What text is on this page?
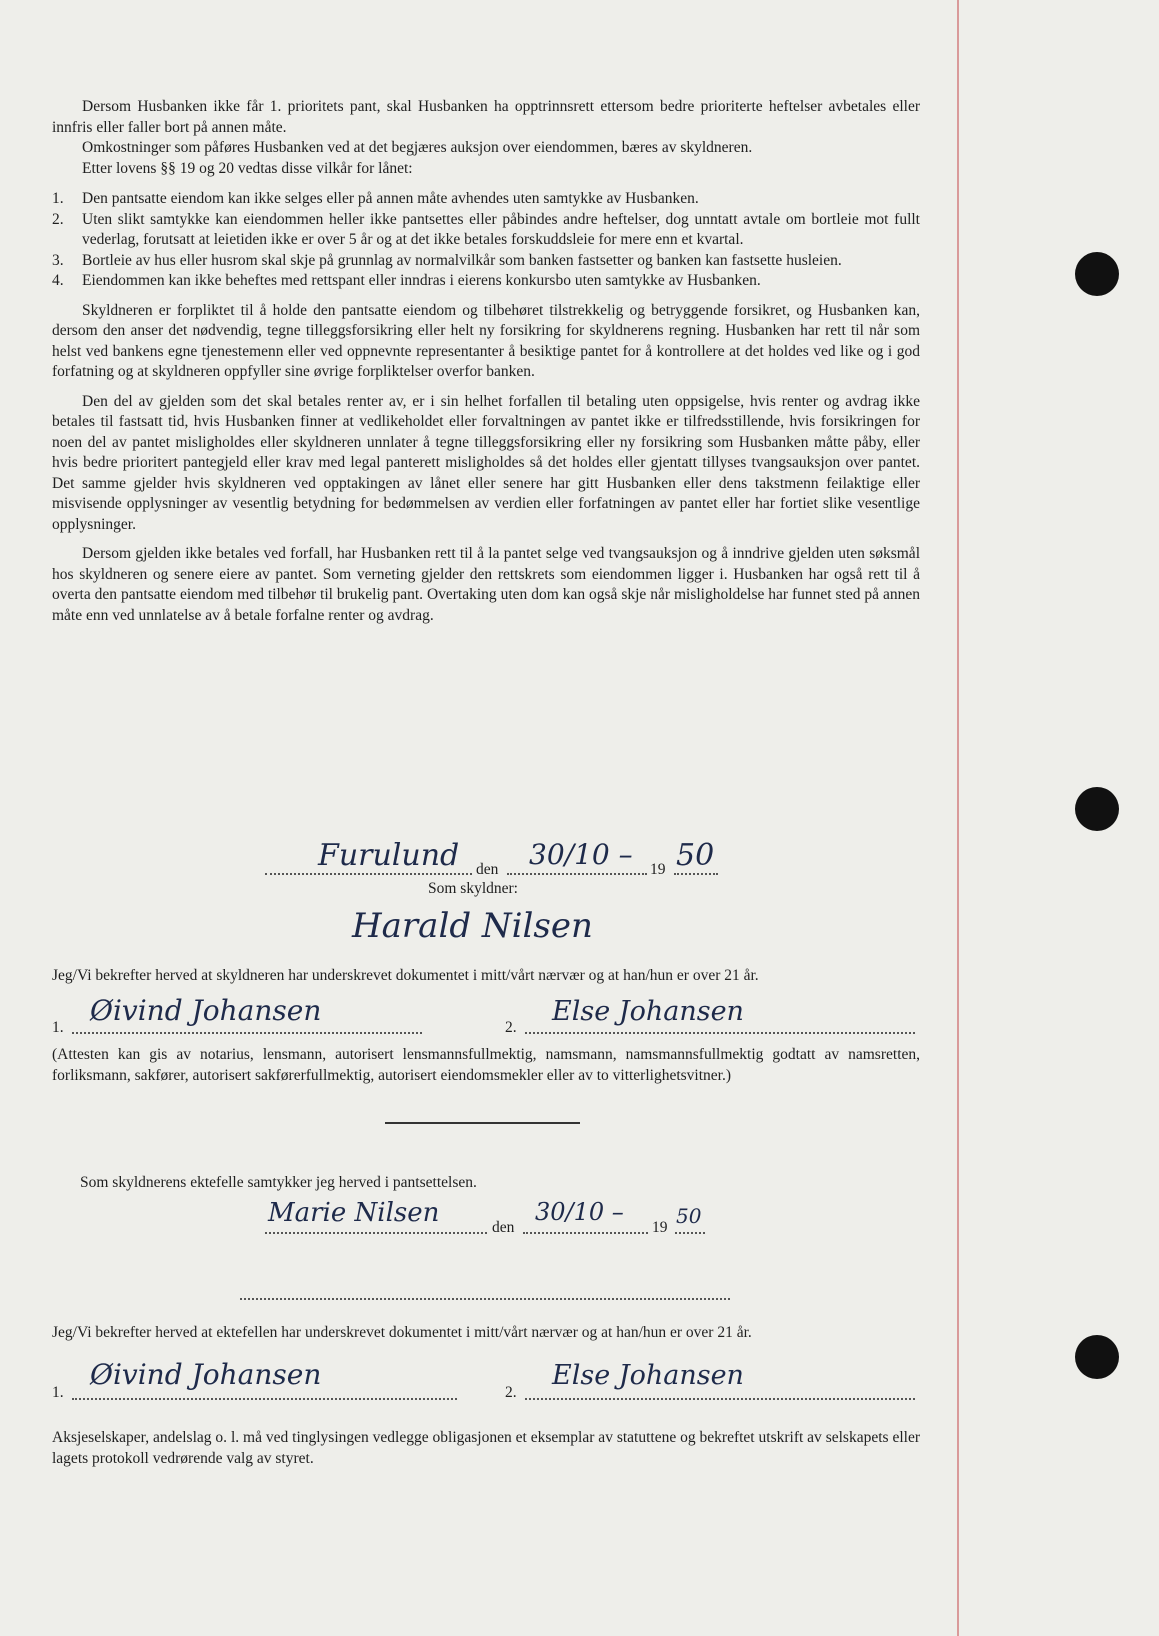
Dersom Husbanken ikke får 1. prioritets pant, skal Husbanken ha opptrinnsrett ettersom bedre prioriterte heftelser avbetales eller innfris eller faller bort på annen måte.

Omkostninger som påføres Husbanken ved at det begjæres auksjon over eiendommen, bæres av skyldneren.

Etter lovens §§ 19 og 20 vedtas disse vilkår for lånet:

1.	Den pantsatte eiendom kan ikke selges eller på annen måte avhendes uten samtykke av Husbanken.
2.	Uten slikt samtykke kan eiendommen heller ikke pantsettes eller påbindes andre heftelser, dog unntatt avtale om bortleie mot fullt vederlag, forutsatt at leietiden ikke er over 5 år og at det ikke betales forskuddsleie for mere enn et kvartal.
3.	Bortleie av hus eller husrom skal skje på grunnlag av normalvilkår som banken fastsetter og banken kan fastsette husleien.
4.	Eiendommen kan ikke beheftes med rettspant eller inndras i eierens konkursbo uten samtykke av Husbanken.

Skyldneren er forpliktet til å holde den pantsatte eiendom og tilbehøret tilstrekkelig og betryggende forsikret, og Husbanken kan, dersom den anser det nødvendig, tegne tilleggsforsikring eller helt ny forsikring for skyldnerens regning. Husbanken har rett til når som helst ved bankens egne tjenestemenn eller ved oppnevnte representanter å besiktige pantet for å kontrollere at det holdes ved like og i god forfatning og at skyldneren oppfyller sine øvrige forpliktelser overfor banken.

Den del av gjelden som det skal betales renter av, er i sin helhet forfallen til betaling uten oppsigelse, hvis renter og avdrag ikke betales til fastsatt tid, hvis Husbanken finner at vedlikeholdet eller forvaltningen av pantet ikke er tilfredsstillende, hvis forsikringen for noen del av pantet misligholdes eller skyldneren unnlater å tegne tilleggsforsikring eller ny forsikring som Husbanken måtte påby, eller hvis bedre prioritert pantegjeld eller krav med legal panterett misligholdes så det holdes eller gjentatt tillyses tvangsauksjon over pantet. Det samme gjelder hvis skyldneren ved opptakingen av lånet eller senere har gitt Husbanken eller dens takstmenn feilaktige eller misvisende opplysninger av vesentlig betydning for bedømmelsen av verdien eller forfatningen av pantet eller har fortiet slike vesentlige opplysninger.

Dersom gjelden ikke betales ved forfall, har Husbanken rett til å la pantet selge ved tvangsauksjon og å inndrive gjelden uten søksmål hos skyldneren og senere eiere av pantet. Som verneting gjelder den rettskrets som eiendommen ligger i. Husbanken har også rett til å overta den pantsatte eiendom med tilbehør til brukelig pant. Overtaking uten dom kan også skje når misligholdelse har funnet sted på annen måte enn ved unnlatelse av å betale forfalne renter og avdrag.

Furulund den 30/10 – 19 50
Som skyldner:
Harald Nilsen
Jeg/Vi bekrefter herved at skyldneren har underskrevet dokumentet i mitt/vårt nærvær og at han/hun er over 21 år.
1.
Øivind Johansen
2.
Else Johansen

(Attesten kan gis av notarius, lensmann, autorisert lensmannsfullmektig, namsmann, namsmannsfullmektig godtatt av namsretten, forliksmann, sakfører, autorisert sakførerfullmektig, autorisert eiendomsmekler eller av to vitterlighetsvitner.)

Som skyldnerens ektefelle samtykker jeg herved i pantsettelsen.
Marie Nilsen	den
30/10 –
19 50
Jeg/Vi bekrefter herved at ektefellen har underskrevet dokumentet i mitt/vårt nærvær og at han/hun er over 21 år.
1.
Øivind Johansen
2.
Else Johansen

Aksjeselskaper, andelslag o. l. må ved tinglysingen vedlegge obligasjonen et eksemplar av statuttene og bekreftet utskrift av selskapets eller lagets protokoll vedrørende valg av styret.
